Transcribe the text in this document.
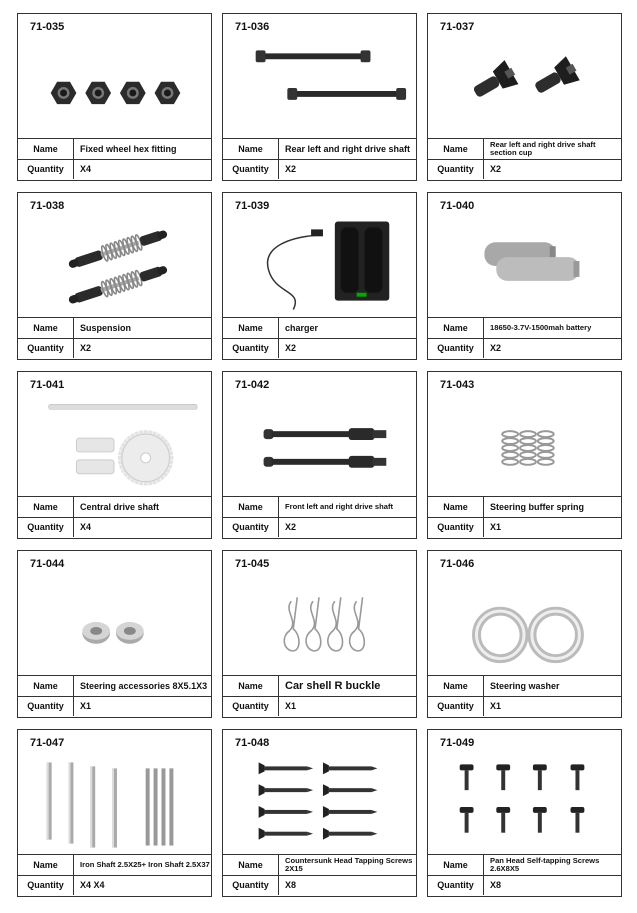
71-035
Name	Fixed wheel hex fitting
Quantity	X4
71-036
Name	Rear left and right drive shaft
Quantity	X2
71-037
Name	Rear left and right drive shaft section cup
Quantity	X2
71-038
Name	Suspension
Quantity	X2
71-039
Name	charger
Quantity	X2
71-040
Name	18650-3.7V-1500mah battery
Quantity	X2
71-041
Name	Central drive shaft
Quantity	X4
71-042
Name	Front left and right drive shaft
Quantity	X2
71-043
Name	Steering buffer spring
Quantity	X1
71-044
Name	Steering accessories 8X5.1X3
Quantity	X1
71-045
Name	Car shell R buckle
Quantity	X1
71-046
Name	Steering washer
Quantity	X1
71-047
Name	Iron Shaft 2.5X25+ Iron Shaft 2.5X37
Quantity	X4 X4
71-048
Name	Countersunk Head Tapping Screws 2X15
Quantity	X8
71-049
Name	Pan Head Self-tapping Screws 2.6X8X5
Quantity	X8
